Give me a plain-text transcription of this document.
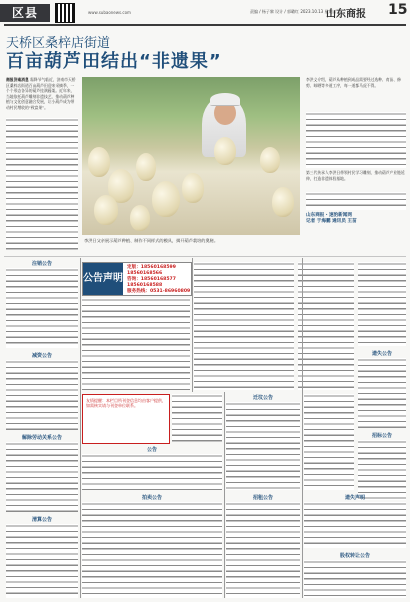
区县	www.subaonews.com	责编 / 杨子黎 设计 / 郭璐红 2023.10.13 星期五
山东商报 15
天桥区桑梓店街道
百亩葫芦田结出“非遗果”
商报济南消息 霜降节气临近，济南市天桥区桑梓店街道百亩葫芦田迎来采摘季，一个个形态各异的葫芦挂满藤架。近年来，当地依托葫芦雕刻非遗技艺，推动葫芦种植与文化创意融合发展，让小葫芦成为带动村民增收的“致富果”。
李洪日父亲展示葫芦种植、制作不同样式的模具，揭开葫芦栽培的奥秘。
李洪义介绍，葫芦从种植到成品需要经过选种、育苗、修剪、晾晒等多道工序，每一道都马虎不得。
第三代传承人李洪日带领村民学习雕刻，推动葫芦产业链延伸，打造非遗体验基地。
山东商报・速豹新闻网
记者 于海鹏 通讯员 王苗
公告声明
定版：18560168599 18560168566
咨询：18560168577 18560168588
服务热线：0531-86960809
注销公告
减资公告
解除劳动关系公告
清算公告
友情提醒：本栏目所刊登信息均由客户提供，如需核实请与刊登单位联系。
公告
拍卖公告
迁坟公告
招租公告
遗失公告
招标公告
遗失声明
股权转让公告
